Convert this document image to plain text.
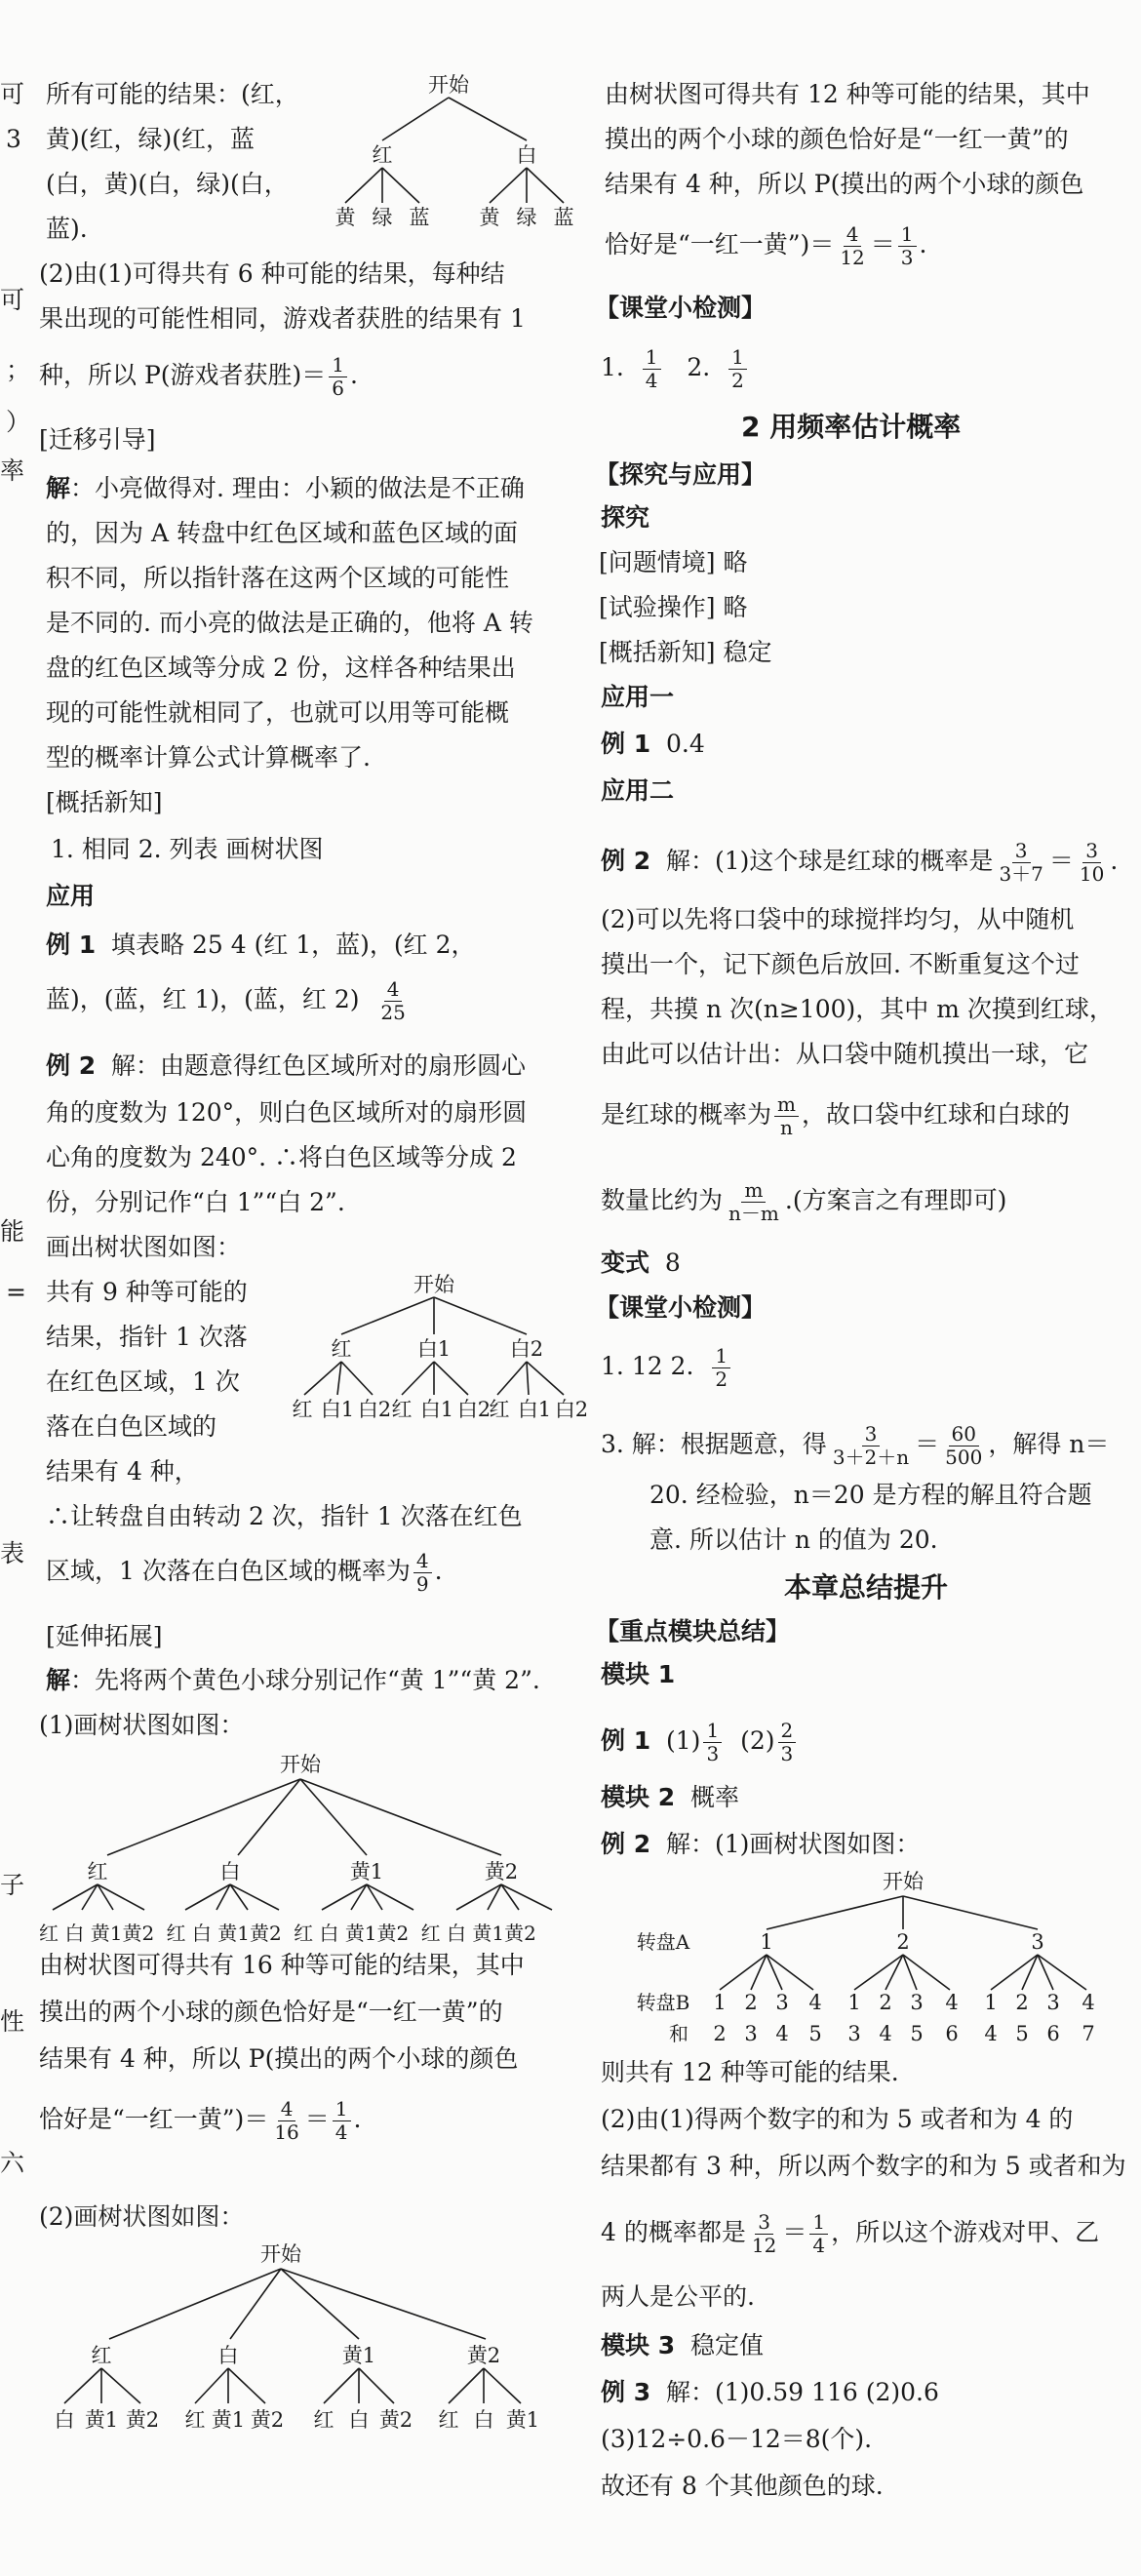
可
3
可
；
）
率
能
=
表
子
性
六
所有可能的结果：(红，
黄)(红，绿)(红，蓝
(白，黄)(白，绿)(白，
蓝).
开始
红	白
黄 绿 蓝 黄 绿 蓝
(2)由(1)可得共有 6 种可能的结果，每种结
果出现的可能性相同，游戏者获胜的结果有 1
种，所以 P(游戏者获胜)＝ $\frac{1}{6}$ .
[迁移引导]
解：小亮做得对. 理由：小颖的做法是不正确
的，因为 A 转盘中红色区域和蓝色区域的面
积不同，所以指针落在这两个区域的可能性
是不同的. 而小亮的做法是正确的，他将 A 转
盘的红色区域等分成 2 份，这样各种结果出
现的可能性就相同了，也就可以用等可能概
型的概率计算公式计算概率了.
[概括新知]
1. 相同 2. 列表 画树状图
应用
例 1 填表略 25 4 (红 1，蓝)，(红 2，
蓝)，(蓝，红 1)，(蓝，红 $2) \frac{4}{25}$
例 2 解：由题意得红色区域所对的扇形圆心
角的度数为 120°，则白色区域所对的扇形圆
心角的度数为 240°. ∴将白色区域等分成 2
份，分别记作“白 1”“白 2”.
画出树状图如图：
共有 9 种等可能的
结果，指针 1 次落
在红色区域，1 次
落在白色区域的
结果有 4 种，
开始
红	白1	白2
红 白1 白2 红 白1 白2
红 白1 白2
∴让转盘自由转动 2 次，指针 1 次落在红色
区域，1 次落在白色区域的概率为 $\frac{4}{9}$ .
[延伸拓展]
解：先将两个黄色小球分别记作“黄 1”“黄 2”.
(1)画树状图如图：
开始
红	白	黄1	黄2
红 白 黄1黄2 红 白 黄1黄2 红 白 黄1黄2 红 白 黄1黄2
由树状图可得共有 16 种等可能的结果，其中
摸出的两个小球的颜色恰好是“一红一黄”的
结果有 4 种，所以 P(摸出的两个小球的颜色
恰好是“一红一黄”)＝ $\frac{4}{16} = \frac{1}{4}$ .
(2)画树状图如图：
开始
红	白	黄1	黄2
白 黄1 黄2 红 黄1 黄2 红 白 黄2 红 白 黄1
由树状图可得共有 12 种等可能的结果，其中
摸出的两个小球的颜色恰好是“一红一黄”的
结果有 4 种，所以 P(摸出的两个小球的颜色
恰好是“一红一黄”)＝ $\frac{4}{12} = \frac{1}{3}$ .
【课堂小检测】
1. $\frac{1}{4} 2$. $\frac{1}{2}$
2 用频率估计概率
【探究与应用】
探究
[问题情境] 略
[试验操作] 略
[概括新知] 稳定
应用一
例 1 0.4
应用二
例 2 解：(1)这个球是红球的概率是 $\frac{3}{3+7} = \frac{3}{10}$ .
(2)可以先将口袋中的球搅拌均匀，从中随机
摸出一个，记下颜色后放回. 不断重复这个过
程，共摸 n 次(n≥100)，其中 m 次摸到红球，
由此可以估计出：从口袋中随机摸出一球，它
是红球的概率为 $\frac{m}{n}$ ，故口袋中红球和白球的
数量比约为 $\frac{m}{n-m}$ .(方案言之有理即可)
变式 8
【课堂小检测】
1. 12 2. $\frac{1}{2}$
3. 解：根据题意，得 $\frac{3}{3+2+n} = \frac{60}{500}$ ，解得 n＝
20. 经检验，n＝20 是方程的解且符合题
意. 所以估计 n 的值为 20.
本章总结提升
【重点模块总结】
模块 1
例 1 $(1) \frac{1}{3} (2) \frac{2}{3}$
模块 2 概率
例 2 解：(1)画树状图如图：
开始
转盘A
转盘B
和
1	2	3
1 2 3 4 1 2 3 4 1 2 3 4
2 3 4 5 3 4 5 6 4 5 6 7
则共有 12 种等可能的结果.
(2)由(1)得两个数字的和为 5 或者和为 4 的
结果都有 3 种，所以两个数字的和为 5 或者和为
4 的概率都是 $\frac{3}{12} = \frac{1}{4}$ ，所以这个游戏对甲、乙
两人是公平的.
模块 3 稳定值
例 3 解：(1)0.59 116 (2)0.6
(3)12÷0.6－12＝8(个).
故还有 8 个其他颜色的球.
